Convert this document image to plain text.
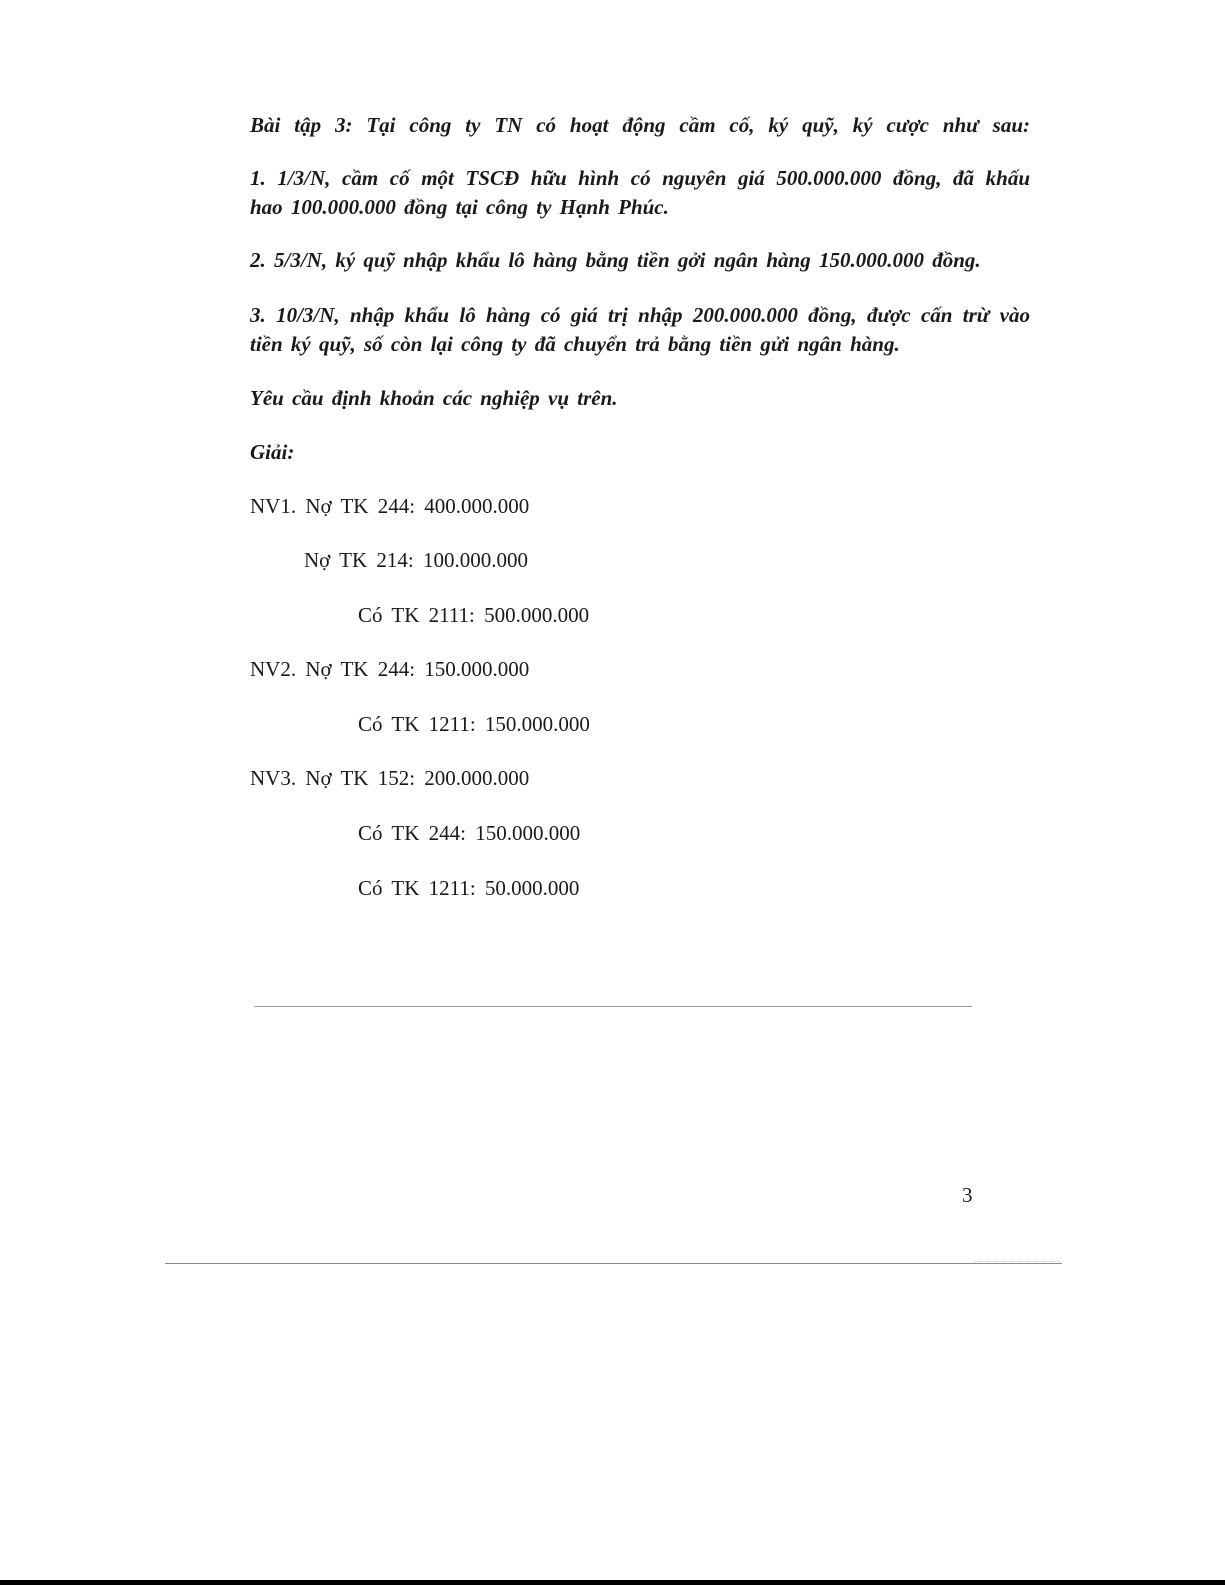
Bài tập 3: Tại công ty TN có hoạt động cầm cố, ký quỹ, ký cược như sau:
1. 1/3/N, cầm cố một TSCĐ hữu hình có nguyên giá 500.000.000 đồng, đã khấu
hao 100.000.000 đồng tại công ty Hạnh Phúc.
2. 5/3/N, ký quỹ nhập khẩu lô hàng bằng tiền gởi ngân hàng 150.000.000 đồng.
3. 10/3/N, nhập khẩu lô hàng có giá trị nhập 200.000.000 đồng, được cấn trừ vào
tiền ký quỹ, số còn lại công ty đã chuyển trả bằng tiền gửi ngân hàng.
Yêu cầu định khoản các nghiệp vụ trên.
Giải:
NV1. Nợ TK 244: 400.000.000
Nợ TK 214: 100.000.000
Có TK 2111: 500.000.000
NV2. Nợ TK 244: 150.000.000
Có TK 1211: 150.000.000
NV3. Nợ TK 152: 200.000.000
Có TK 244: 150.000.000
Có TK 1211: 50.000.000
3
